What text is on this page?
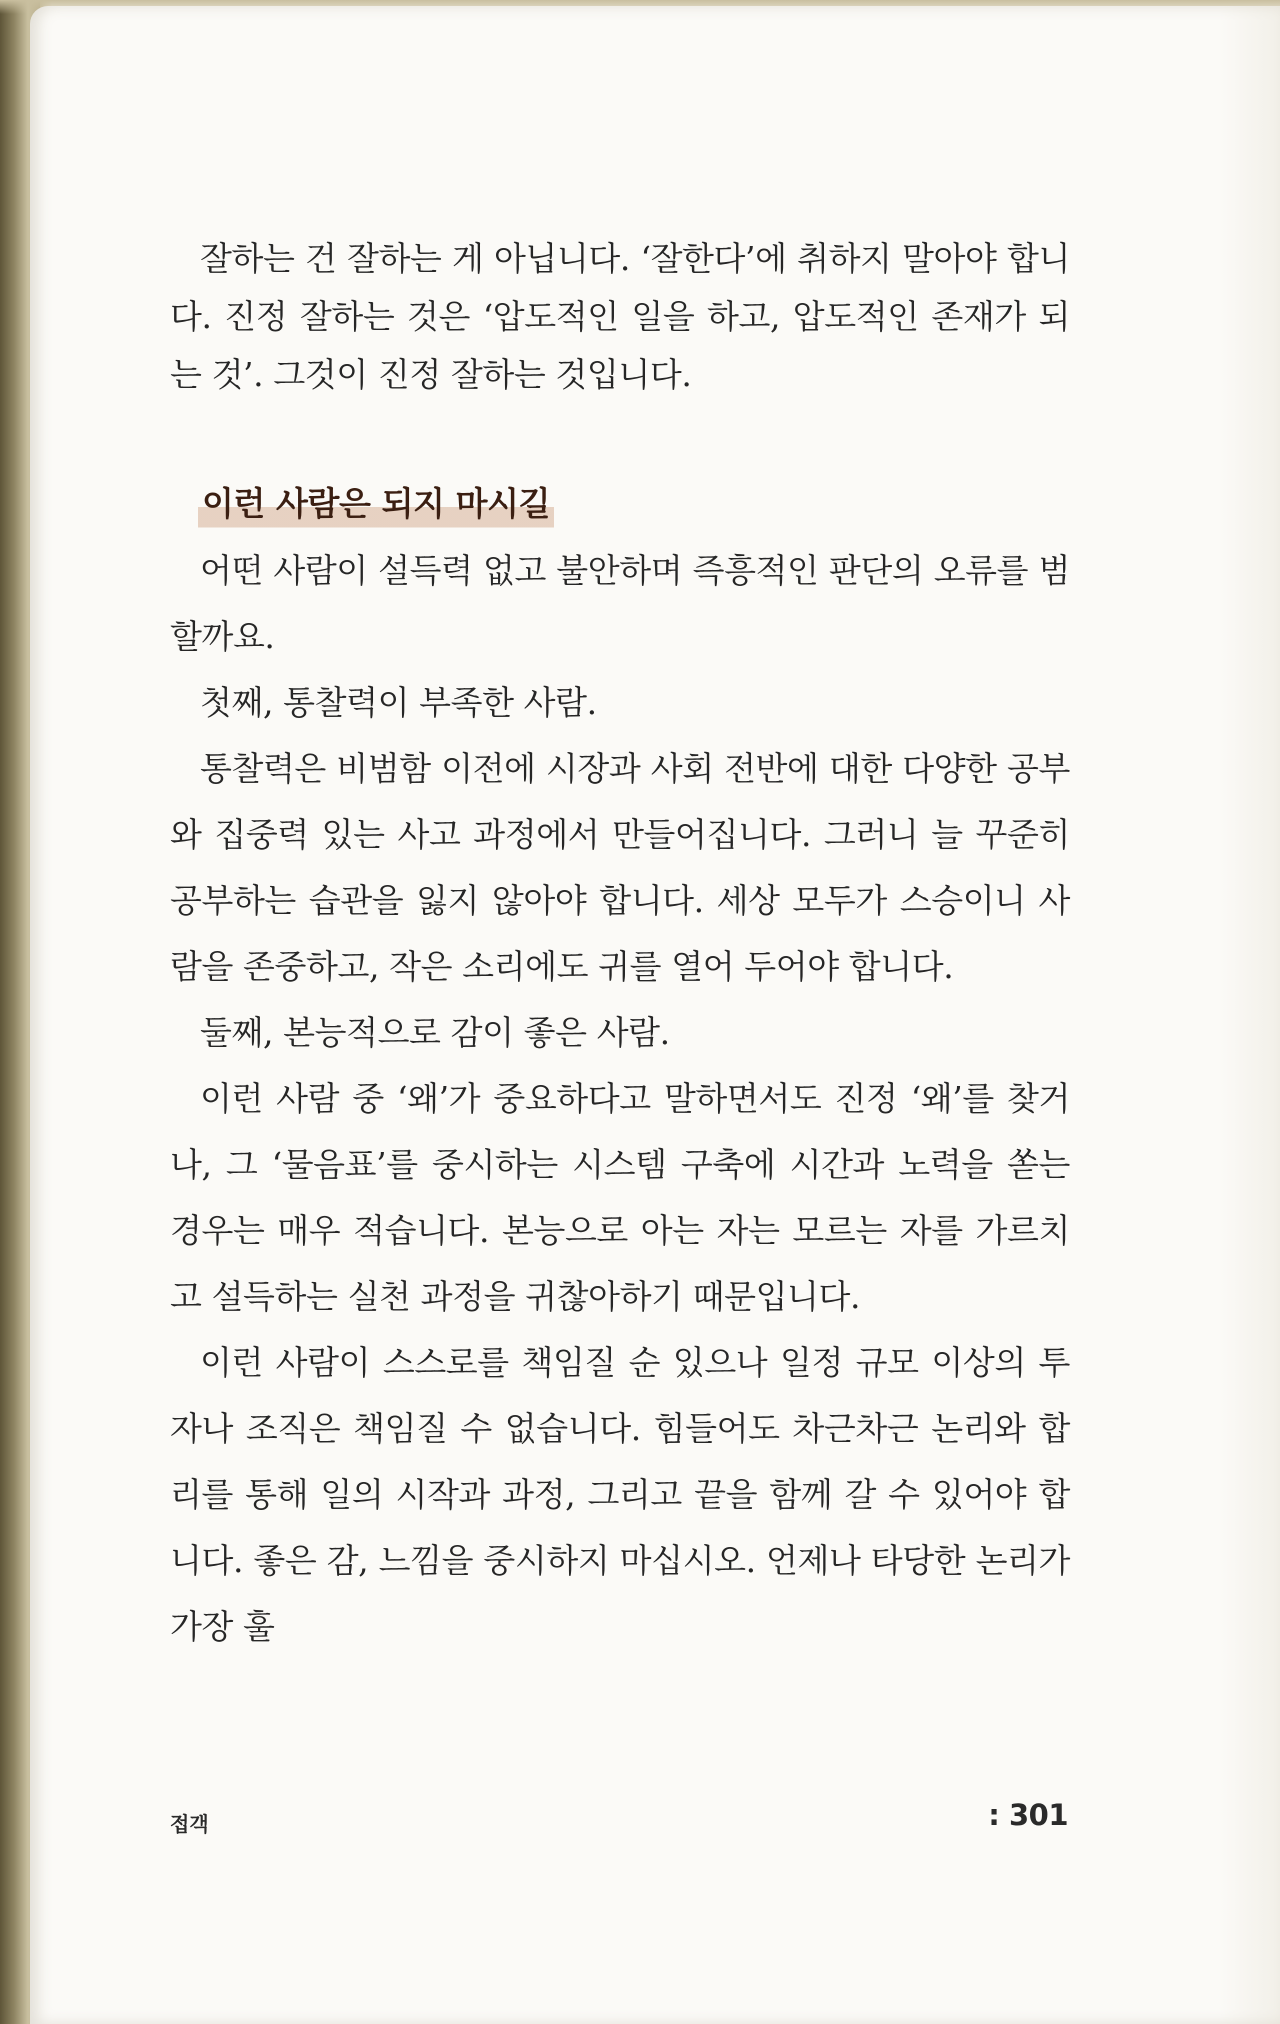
잘하는 건 잘하는 게 아닙니다. ‘잘한다’에 취하지 말아야 합니다. 진정 잘하는 것은 ‘압도적인 일을 하고, 압도적인 존재가 되는 것’. 그것이 진정 잘하는 것입니다.

이런 사람은 되지 마시길

어떤 사람이 설득력 없고 불안하며 즉흥적인 판단의 오류를 범할까요.

첫째, 통찰력이 부족한 사람.

통찰력은 비범함 이전에 시장과 사회 전반에 대한 다양한 공부와 집중력 있는 사고 과정에서 만들어집니다. 그러니 늘 꾸준히 공부하는 습관을 잃지 않아야 합니다. 세상 모두가 스승이니 사람을 존중하고, 작은 소리에도 귀를 열어 두어야 합니다.

둘째, 본능적으로 감이 좋은 사람.

이런 사람 중 ‘왜’가 중요하다고 말하면서도 진정 ‘왜’를 찾거나, 그 ‘물음표’를 중시하는 시스템 구축에 시간과 노력을 쏟는 경우는 매우 적습니다. 본능으로 아는 자는 모르는 자를 가르치고 설득하는 실천 과정을 귀찮아하기 때문입니다.

이런 사람이 스스로를 책임질 순 있으나 일정 규모 이상의 투자나 조직은 책임질 수 없습니다. 힘들어도 차근차근 논리와 합리를 통해 일의 시작과 과정, 그리고 끝을 함께 갈 수 있어야 합니다. 좋은 감, 느낌을 중시하지 마십시오. 언제나 타당한 논리가 가장 훌

접객	: 301
